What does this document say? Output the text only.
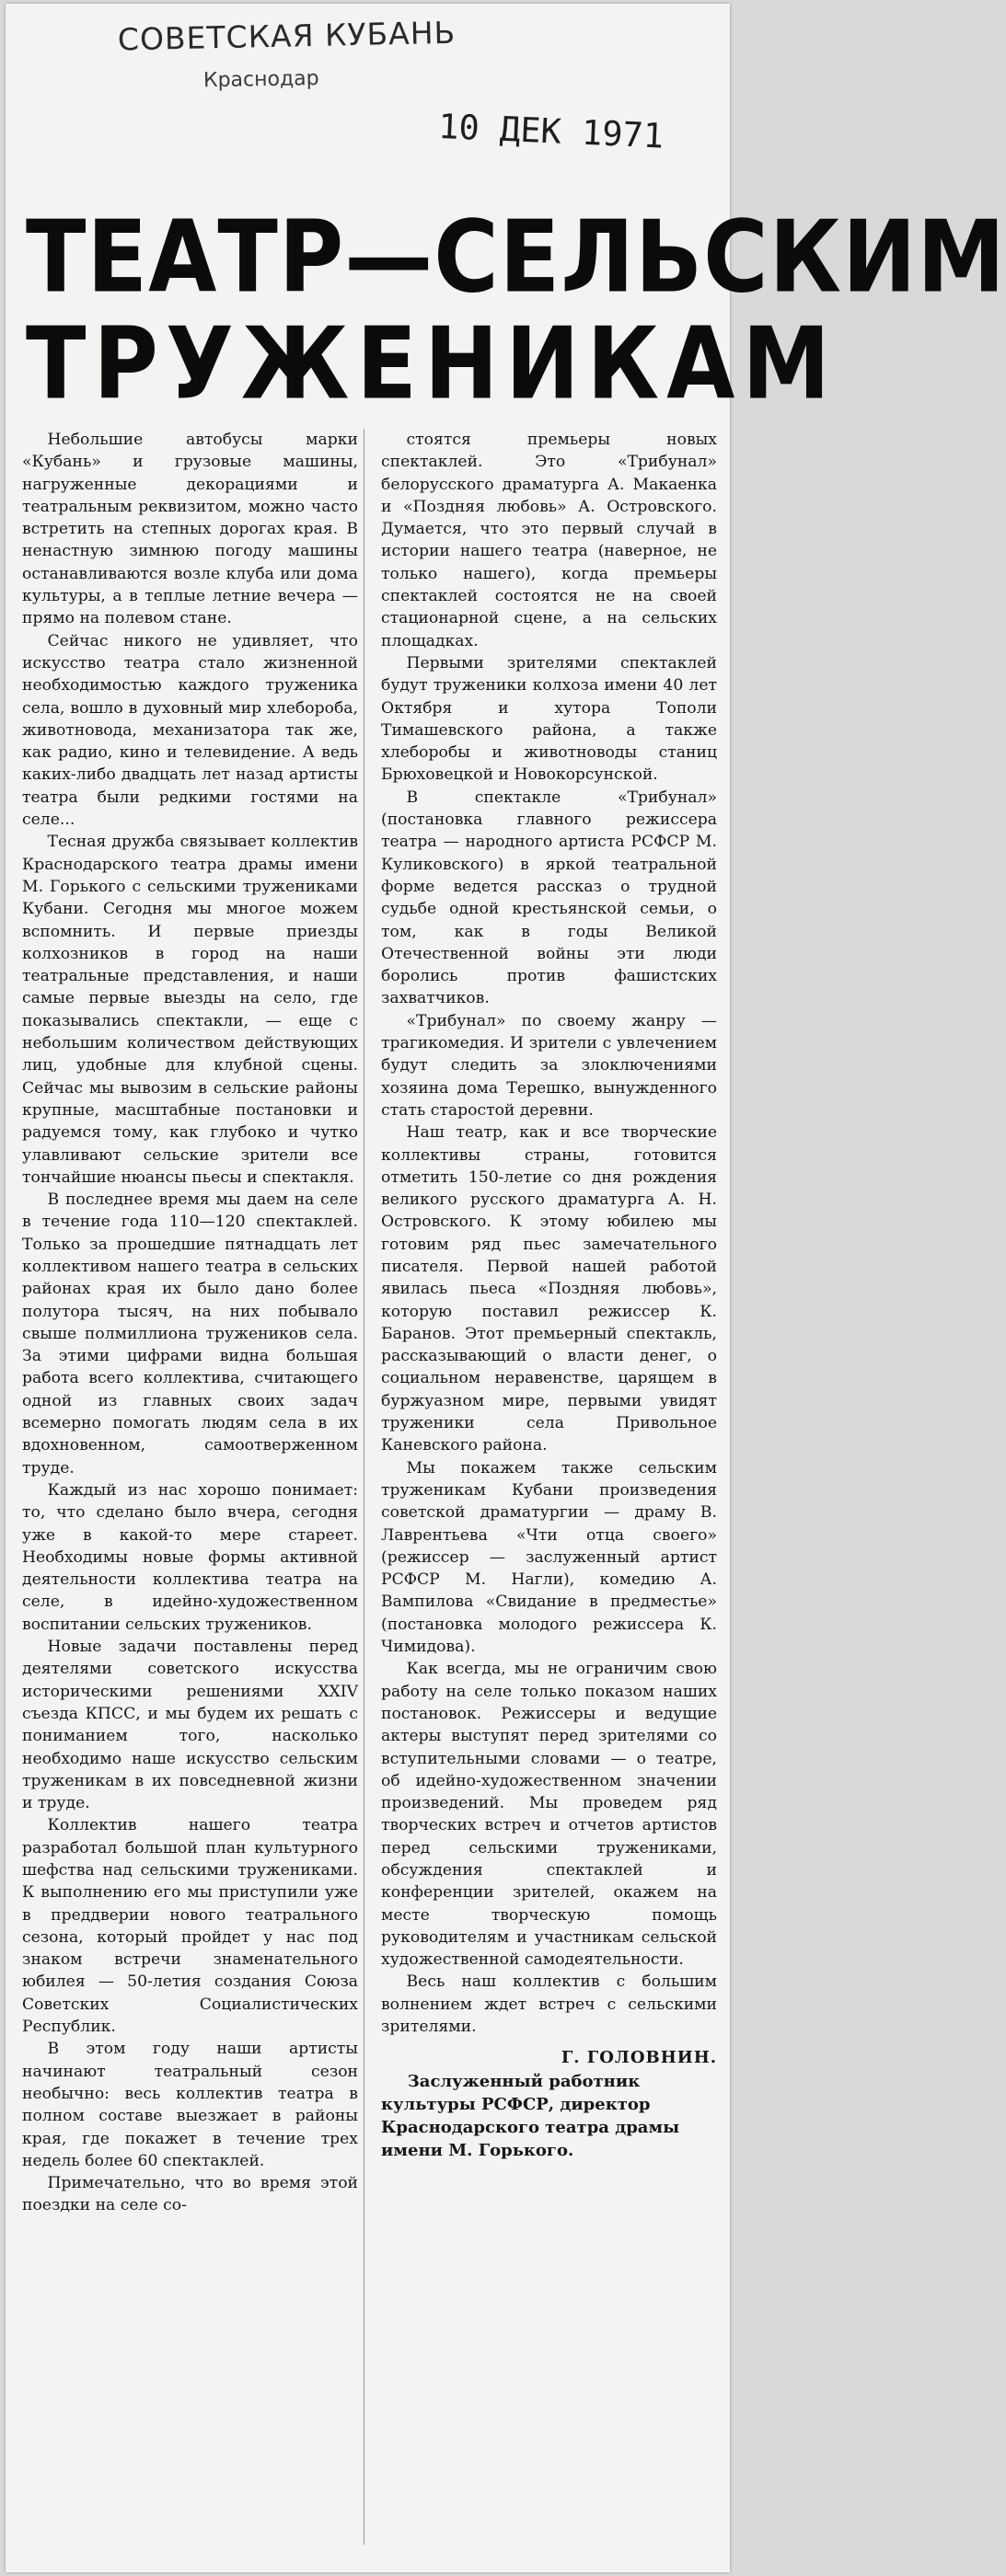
СОВЕТСКАЯ КУБАНЬ
Краснодар
10 ДЕК 1971
ТЕАТР—СЕЛЬСКИМ
ТРУЖЕНИКАМ

Небольшие автобусы марки «Кубань» и грузовые машины, нагруженные декорациями и театральным реквизитом, можно часто встретить на степных дорогах края. В ненастную зимнюю погоду машины останавливаются возле клуба или дома культуры, а в теплые летние вечера — прямо на полевом стане.

Сейчас никого не удивляет, что искусство театра стало жизненной необходимостью каждого труженика села, вошло в духовный мир хлебороба, животновода, механизатора так же, как радио, кино и телевидение. А ведь каких-либо двадцать лет назад артисты театра были редкими гостями на селе...

Тесная дружба связывает коллектив Краснодарского театра драмы имени М. Горького с сельскими тружениками Кубани. Сегодня мы многое можем вспомнить. И первые приезды колхозников в город на наши театральные представления, и наши самые первые выезды на село, где показывались спектакли, — еще с небольшим количеством действующих лиц, удобные для клубной сцены. Сейчас мы вывозим в сельские районы крупные, масштабные постановки и радуемся тому, как глубоко и чутко улавливают сельские зрители все тончайшие нюансы пьесы и спектакля.

В последнее время мы даем на селе в течение года 110—120 спектаклей. Только за прошедшие пятнадцать лет коллективом нашего театра в сельских районах края их было дано более полутора тысяч, на них побывало свыше полмиллиона тружеников села. За этими цифрами видна большая работа всего коллектива, считающего одной из главных своих задач всемерно помогать людям села в их вдохновенном, самоотверженном труде.

Каждый из нас хорошо понимает: то, что сделано было вчера, сегодня уже в какой-то мере стареет. Необходимы новые формы активной деятельности коллектива театра на селе, в идейно-художественном воспитании сельских тружеников.

Новые задачи поставлены перед деятелями советского искусства историческими решениями XXIV съезда КПСС, и мы будем их решать с пониманием того, насколько необходимо наше искусство сельским труженикам в их повседневной жизни и труде.

Коллектив нашего театра разработал большой план культурного шефства над сельскими тружениками. К выполнению его мы приступили уже в преддверии нового театрального сезона, который пройдет у нас под знаком встречи знаменательного юбилея — 50-летия создания Союза Советских Социалистических Республик.

В этом году наши артисты начинают театральный сезон необычно: весь коллектив театра в полном составе выезжает в районы края, где покажет в течение трех недель более 60 спектаклей.

Примечательно, что во время этой поездки на селе со-

стоятся премьеры новых спектаклей. Это «Трибунал» белорусского драматурга А. Макаенка и «Поздняя любовь» А. Островского. Думается, что это первый случай в истории нашего театра (наверное, не только нашего), когда премьеры спектаклей состоятся не на своей стационарной сцене, а на сельских площадках.

Первыми зрителями спектаклей будут труженики колхоза имени 40 лет Октября и хутора Тополи Тимашевского района, а также хлеборобы и животноводы станиц Брюховецкой и Новокорсунской.

В спектакле «Трибунал» (постановка главного режиссера театра — народного артиста РСФСР М. Куликовского) в яркой театральной форме ведется рассказ о трудной судьбе одной крестьянской семьи, о том, как в годы Великой Отечественной войны эти люди боролись против фашистских захватчиков.

«Трибунал» по своему жанру — трагикомедия. И зрители с увлечением будут следить за злоключениями хозяина дома Терешко, вынужденного стать старостой деревни.

Наш театр, как и все творческие коллективы страны, готовится отметить 150-летие со дня рождения великого русского драматурга А. Н. Островского. К этому юбилею мы готовим ряд пьес замечательного писателя. Первой нашей работой явилась пьеса «Поздняя любовь», которую поставил режиссер К. Баранов. Этот премьерный спектакль, рассказывающий о власти денег, о социальном неравенстве, царящем в буржуазном мире, первыми увидят труженики села Привольное Каневского района.

Мы покажем также сельским труженикам Кубани произведения советской драматургии — драму В. Лаврентьева «Чти отца своего» (режиссер — заслуженный артист РСФСР М. Нагли), комедию А. Вампилова «Свидание в предместье» (постановка молодого режиссера К. Чимидова).

Как всегда, мы не ограничим свою работу на селе только показом наших постановок. Режиссеры и ведущие актеры выступят перед зрителями со вступительными словами — о театре, об идейно-художественном значении произведений. Мы проведем ряд творческих встреч и отчетов артистов перед сельскими тружениками, обсуждения спектаклей и конференции зрителей, окажем на месте творческую помощь руководителям и участникам сельской художественной самодеятельности.

Весь наш коллектив с большим волнением ждет встреч с сельскими зрителями.

Г. ГОЛОВНИН.

Заслуженный работник культуры РСФСР, директор Краснодарского театра драмы имени М. Горького.
